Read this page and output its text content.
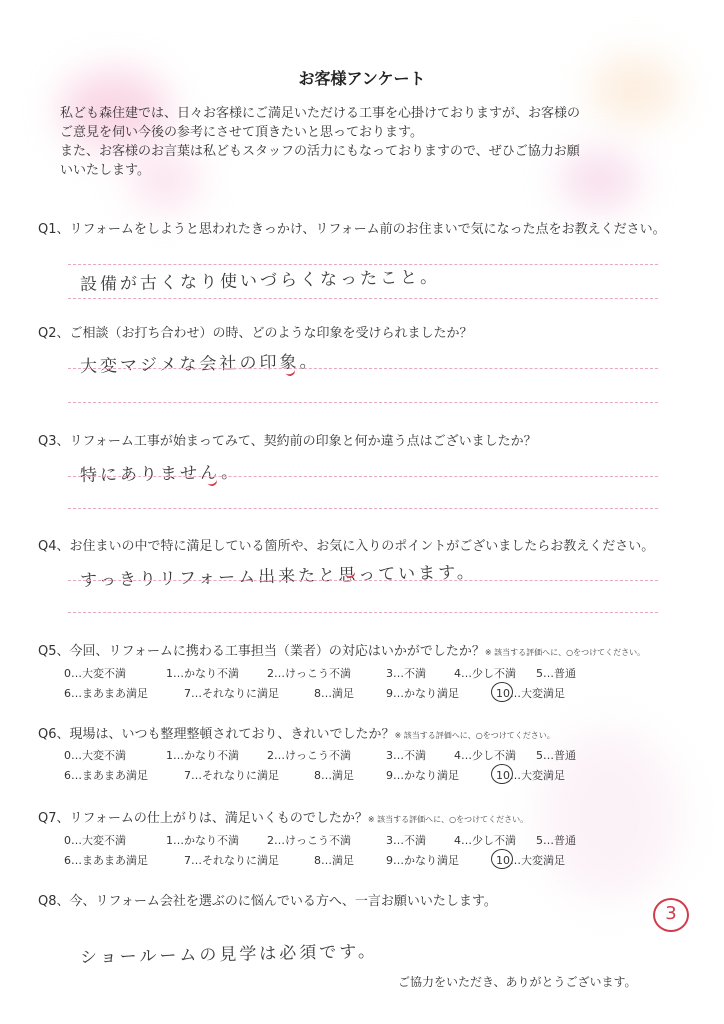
お客様アンケート

私ども森住建では、日々お客様にご満足いただける工事を心掛けておりますが、お客様の

ご意見を伺い今後の参考にさせて頂きたいと思っております。

また、お客様のお言葉は私どもスタッフの活力にもなっておりますので、ぜひご協力お願

いいたします。

Q1、リフォームをしようと思われたきっかけ、リフォーム前のお住まいで気になった点をお教えください。
設備が古くなり使いづらくなったこと。
Q2、ご相談（お打ち合わせ）の時、どのような印象を受けられましたか？
大変マジメな会社の印象。
Q3、リフォーム工事が始まってみて、契約前の印象と何か違う点はございましたか？
特にありません。
Q4、お住まいの中で特に満足している箇所や、お気に入りのポイントがございましたらお教えください。
すっきりリフォーム出来たと思っています。
Q5、今回、リフォームに携わる工事担当（業者）の対応はいかがでしたか？※ 該当する評価へに、○をつけてください。
0…大変不満	1…かなり不満	2…けっこう不満	3…不満	4…少し不満 5…普通
6…まあまあ満足	7…それなりに満足	8…満足	9…かなり満足	10…大変満足
Q6、現場は、いつも整理整頓されており、きれいでしたか？※ 該当する評価へに、○をつけてください。
0…大変不満	1…かなり不満	2…けっこう不満	3…不満	4…少し不満 5…普通
6…まあまあ満足	7…それなりに満足	8…満足	9…かなり満足	10…大変満足
Q7、リフォームの仕上がりは、満足いくものでしたか？※ 該当する評価へに、○をつけてください。
0…大変不満	1…かなり不満	2…けっこう不満	3…不満	4…少し不満 5…普通
6…まあまあ満足	7…それなりに満足	8…満足	9…かなり満足	10…大変満足
Q8、今、リフォーム会社を選ぶのに悩んでいる方へ、一言お願いいたします。
ショールームの見学は必須です。
3
ご協力をいただき、ありがとうございます。
